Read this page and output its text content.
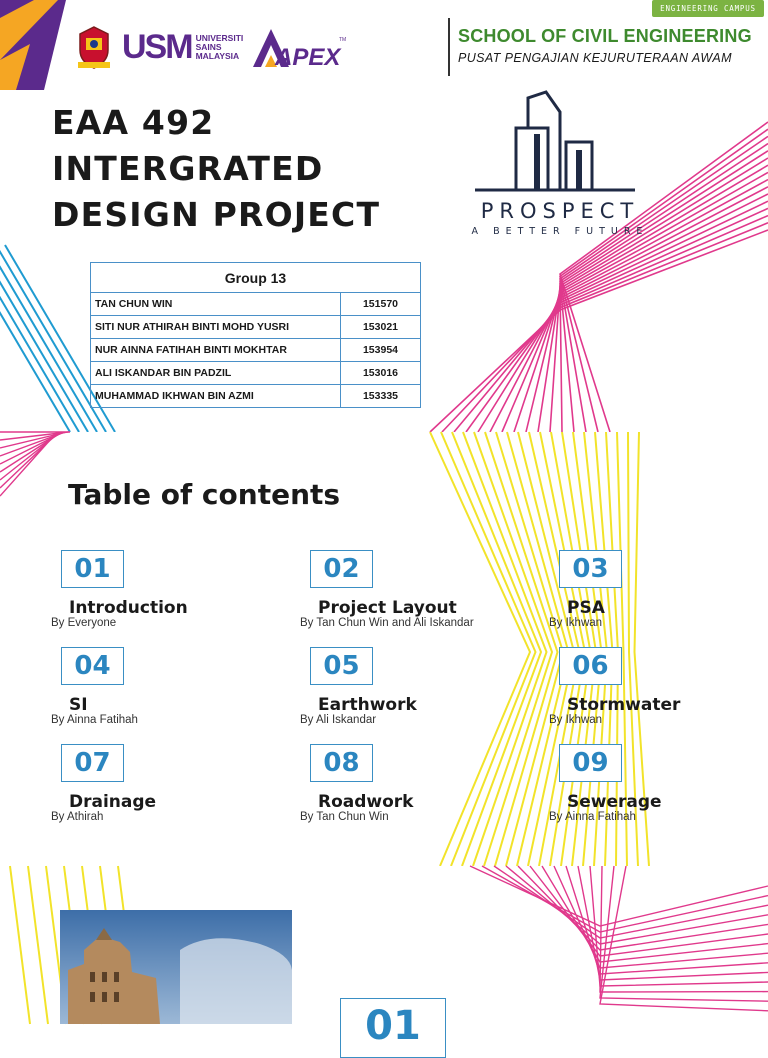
ENGINEERING CAMPUS
USM UNIVERSITI
SAINS
MALAYSIA APEX
TM	SCHOOL OF CIVIL ENGINEERING
PUSAT PENGAJIAN KEJURUTERAAN AWAM
EAA 492
INTERGRATED
DESIGN PROJECT	PROSPECT
A BETTER FUTURE
Group 13	
TAN CHUN WIN	151570
SITI NUR ATHIRAH BINTI MOHD YUSRI	153021
NUR AINNA FATIHAH BINTI MOKHTAR	153954
ALI ISKANDAR BIN PADZIL	153016
MUHAMMAD IKHWAN BIN AZMI	153335
Table of contents
01
Introduction
By Everyone
02
Project Layout
By Tan Chun Win and Ali Iskandar
03
PSA
By Ikhwan
04
SI
By Ainna Fatihah
05
Earthwork
By Ali Iskandar
06
Stormwater
By Ikhwan
07
Drainage
By Athirah
08
Roadwork
By Tan Chun Win
09
Sewerage
By Ainna Fatihah
01
